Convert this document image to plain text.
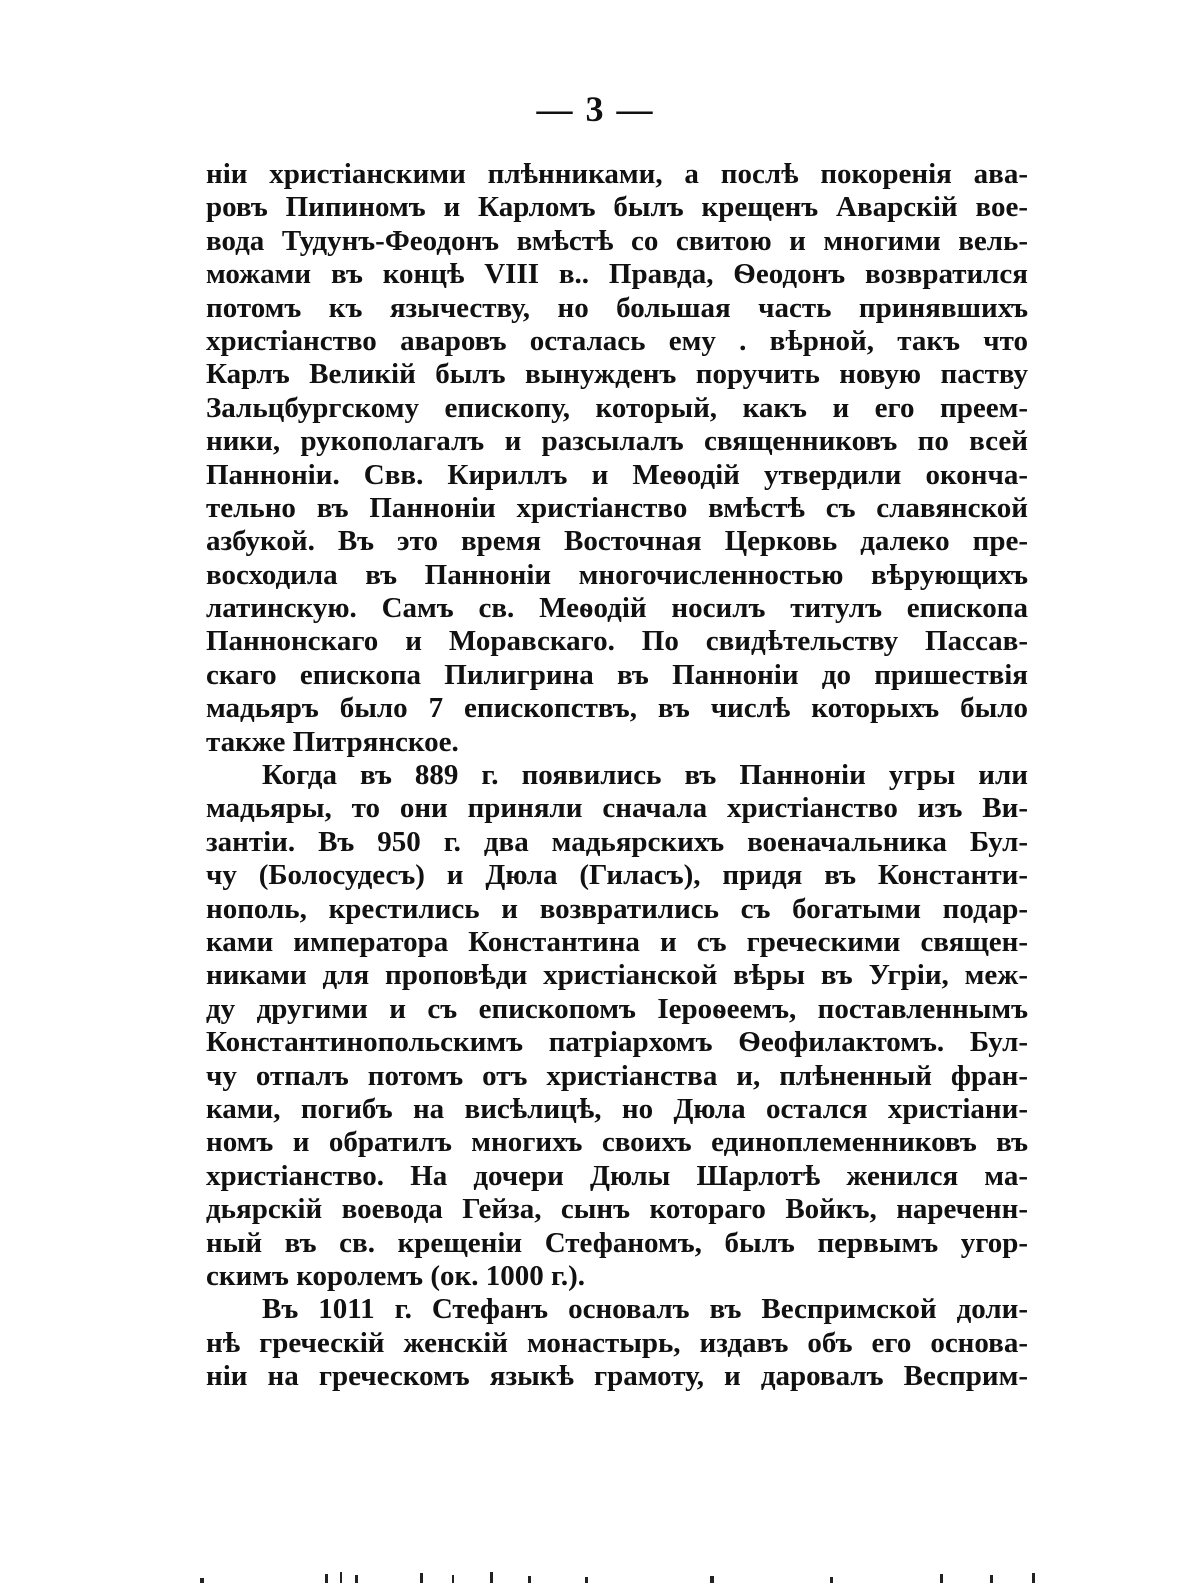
— 3 —
нiи христiанскими плѣнниками, а послѣ покоренiя ава-
ровъ Пипиномъ и Карломъ былъ крещенъ Аварскiй вое-
вода Тудунъ-Феодонъ вмѣстѣ со свитою и многими вель-
можами въ концѣ VIII в.. Правда, Ѳеодонъ возвратился
потомъ къ язычеству, но большая часть принявшихъ
христiанство аваровъ осталась ему . вѣрной, такъ что
Карлъ Великiй былъ вынужденъ поручить новую паству
Зальцбургскому епископу, который, какъ и его преем-
ники, рукополагалъ и разсылалъ священниковъ по всей
Паннонiи. Свв. Кириллъ и Меѳодiй утвердили оконча-
тельно въ Паннонiи христiанство вмѣстѣ съ славянской
азбукой. Въ это время Восточная Церковь далеко пре-
восходила въ Паннонiи многочисленностью вѣрующихъ
латинскую. Самъ св. Меѳодiй носилъ титулъ епископа
Паннонскаго и Моравскаго. По свидѣтельству Пассав-
скаго епископа Пилигрина въ Паннонiи до пришествiя
мадьяръ было 7 епископствъ, въ числѣ которыхъ было
также Питрянское.
Когда въ 889 г. появились въ Паннонiи угры или
мадьяры, то они приняли сначала христiанство изъ Ви-
зантiи. Въ 950 г. два мадьярскихъ военачальника Бул-
чу (Болосудесъ) и Дюла (Гиласъ), придя въ Константи-
нополь, крестились и возвратились съ богатыми подар-
ками императора Константина и съ греческими священ-
никами для проповѣди христiанской вѣры въ Угрiи, меж-
ду другими и съ епископомъ Iероѳеемъ, поставленнымъ
Константинопольскимъ патрiархомъ Ѳеофилактомъ. Бул-
чу отпалъ потомъ отъ христiанства и, плѣненный фран-
ками, погибъ на висѣлицѣ, но Дюла остался христiани-
номъ и обратилъ многихъ своихъ единоплеменниковъ въ
христiанство. На дочери Дюлы Шарлотѣ женился ма-
дьярскiй воевода Гейза, сынъ котораго Войкъ, нареченн-
ный въ св. крещенiи Стефаномъ, былъ первымъ угор-
скимъ королемъ (ок. 1000 г.).
Въ 1011 г. Стефанъ основалъ въ Веспримской доли-
нѣ греческiй женскiй монастырь, издавъ объ его основа-
нiи на греческомъ языкѣ грамоту, и даровалъ Весприм-
